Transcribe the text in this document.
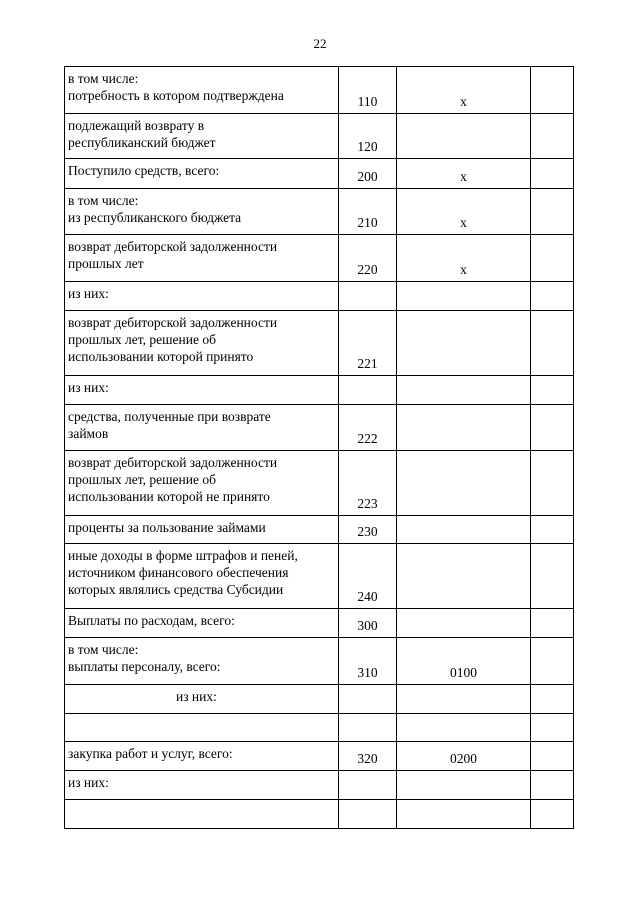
22
в том числе:
потребность в котором подтверждена	110	x	

подлежащий возврату в
республиканский бюджет	120		

Поступило средств, всего:	200	x	

в том числе:
из республиканского бюджета	210	x	

возврат дебиторской задолженности
прошлых лет	220	x	

из них:			

возврат дебиторской задолженности
прошлых лет, решение об
использовании которой принято	221		

из них:			

средства, полученные при возврате
займов	222		

возврат дебиторской задолженности
прошлых лет, решение об
использовании которой не принято	223		

проценты за пользование займами	230		

иные доходы в форме штрафов и пеней,
источником финансового обеспечения
которых являлись средства Субсидии	240		

Выплаты по расходам, всего:	300		

в том числе:
выплаты персоналу, всего:	310	0100	

из них:			

закупка работ и услуг, всего:	320	0200	

из них:			
